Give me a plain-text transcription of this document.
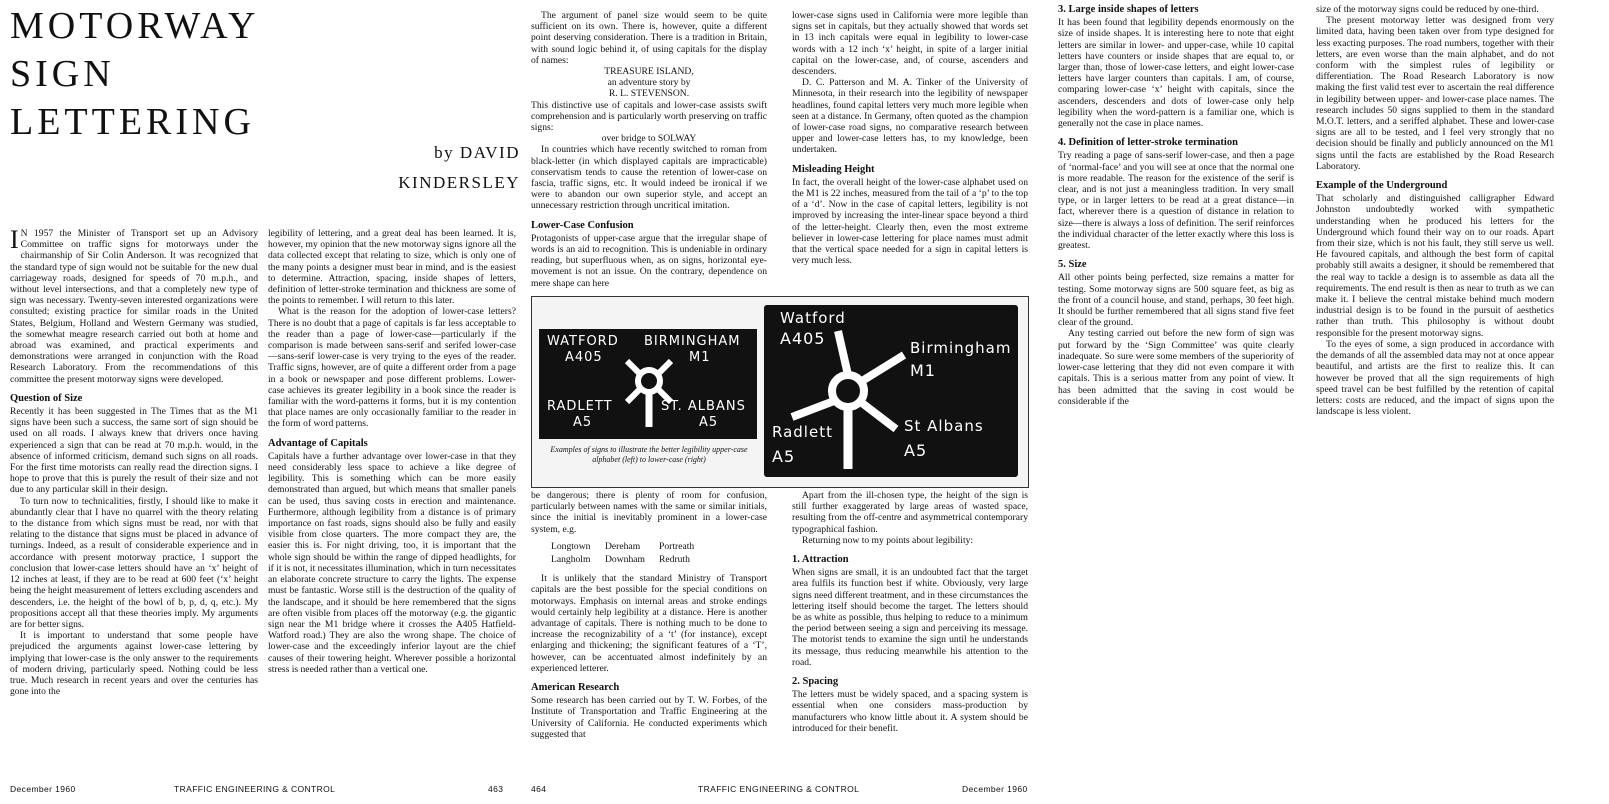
MOTORWAY
SIGN
LETTERING
by DAVID
KINDERSLEY

I N 1957 the Minister of Transport set up an Advisory Committee on traffic signs for motorways under the chairmanship of Sir Colin Anderson. It was recognized that the standard type of sign would not be suitable for the new dual carriageway roads, designed for speeds of 70 m.p.h., and without level intersections, and that a completely new type of sign was necessary. Twenty-seven interested organizations were consulted; existing practice for similar roads in the United States, Belgium, Holland and Western Germany was studied, the somewhat meagre research carried out both at home and abroad was examined, and practical experiments and demonstrations were arranged in conjunction with the Road Research Laboratory. From the recommendations of this committee the present motorway signs were developed.

Question of Size

Recently it has been suggested in The Times that as the M1 signs have been such a success, the same sort of sign should be used on all roads. I always knew that drivers once having experienced a sign that can be read at 70 m.p.h. would, in the absence of informed criticism, demand such signs on all roads. For the first time motorists can really read the direction signs. I hope to prove that this is purely the result of their size and not due to any particular skill in their design.

To turn now to technicalities, firstly, I should like to make it abundantly clear that I have no quarrel with the theory relating to the distance from which signs must be read, nor with that relating to the distance that signs must be placed in advance of turnings. Indeed, as a result of considerable experience and in accordance with present motorway practice, I support the conclusion that lower-case letters should have an ‘x’ height of 12 inches at least, if they are to be read at 600 feet (‘x’ height being the height measurement of letters excluding ascenders and descenders, i.e. the height of the bowl of b, p, d, q, etc.). My propositions accept all that these theories imply. My arguments are for better signs.

It is important to understand that some people have prejudiced the arguments against lower-case lettering by implying that lower-case is the only answer to the requirements of modern driving, particularly speed. Nothing could be less true. Much research in recent years and over the centuries has gone into the

legibility of lettering, and a great deal has been learned. It is, however, my opinion that the new motorway signs ignore all the data collected except that relating to size, which is only one of the many points a designer must bear in mind, and is the easiest to determine. Attraction, spacing, inside shapes of letters, definition of letter-stroke termination and thickness are some of the points to remember. I will return to this later.

What is the reason for the adoption of lower-case letters? There is no doubt that a page of capitals is far less acceptable to the reader than a page of lower-case—particularly if the comparison is made between sans-serif and serifed lower-case—sans-serif lower-case is very trying to the eyes of the reader. Traffic signs, however, are of quite a different order from a page in a book or newspaper and pose different problems. Lower-case achieves its greater legibility in a book since the reader is familiar with the word-patterns it forms, but it is my contention that place names are only occasionally familiar to the reader in the form of word patterns.

Advantage of Capitals

Capitals have a further advantage over lower-case in that they need considerably less space to achieve a like degree of legibility. This is something which can be more easily demonstrated than argued, but which means that smaller panels can be used, thus saving costs in erection and maintenance. Furthermore, although legibility from a distance is of primary importance on fast roads, signs should also be fully and easily visible from close quarters. The more compact they are, the easier this is. For night driving, too, it is important that the whole sign should be within the range of dipped headlights, for if it is not, it necessitates illumination, which in turn necessitates an elaborate concrete structure to carry the lights. The expense must be fantastic. Worse still is the destruction of the quality of the landscape, and it should be here remembered that the signs are often visible from places off the motorway (e.g. the gigantic sign near the M1 bridge where it crosses the A405 Hatfield-Watford road.) They are also the wrong shape. The choice of lower-case and the exceedingly inferior layout are the chief causes of their towering height. Wherever possible a horizontal stress is needed rather than a vertical one.

The argument of panel size would seem to be quite sufficient on its own. There is, however, quite a different point deserving consideration. There is a tradition in Britain, with sound logic behind it, of using capitals for the display of names:

TREASURE ISLAND,

an adventure story by

R. L. STEVENSON.

This distinctive use of capitals and lower-case assists swift comprehension and is particularly worth preserving on traffic signs:

over bridge to SOLWAY

In countries which have recently switched to roman from black-letter (in which displayed capitals are impracticable) conservatism tends to cause the retention of lower-case on fascia, traffic signs, etc. It would indeed be ironical if we were to abandon our own superior style, and accept an unnecessary restriction through uncritical imitation.

Lower-Case Confusion

Protagonists of upper-case argue that the irregular shape of words is an aid to recognition. This is undeniable in ordinary reading, but superfluous when, as on signs, horizontal eye-movement is not an issue. On the contrary, dependence on mere shape can here

lower-case signs used in California were more legible than signs set in capitals, but they actually showed that words set in 13 inch capitals were equal in legibility to lower-case words with a 12 inch ‘x’ height, in spite of a larger initial capital on the lower-case, and, of course, ascenders and descenders.

D. C. Patterson and M. A. Tinker of the University of Minnesota, in their research into the legibility of newspaper headlines, found capital letters very much more legible when seen at a distance. In Germany, often quoted as the champion of lower-case road signs, no comparative research between upper and lower-case letters has, to my knowledge, been undertaken.

Misleading Height

In fact, the overall height of the lower-case alphabet used on the M1 is 22 inches, measured from the tail of a ‘p’ to the top of a ‘d’. Now in the case of capital letters, legibility is not improved by increasing the inter-linear space beyond a third of the letter-height. Clearly then, even the most extreme believer in lower-case lettering for place names must admit that the vertical space needed for a sign in capital letters is very much less.

WATFORD
A405
BIRMINGHAM
M1
RADLETT
A5
ST. ALBANS
A5
Examples of signs to illustrate the better legibility upper-case alphabet (left) to lower-case (right)
Watford
A405	Birmingham
M1
Radlett
A5
St Albans
A5

be dangerous; there is plenty of room for confusion, particularly between names with the same or similar initials, since the initial is inevitably prominent in a lower-case system, e.g.

Longtown	Dereham	Portreath
Langholm	Downham	Redruth

It is unlikely that the standard Ministry of Transport capitals are the best possible for the special conditions on motorways. Emphasis on internal areas and stroke endings would certainly help legibility at a distance. Here is another advantage of capitals. There is nothing much to be done to increase the recognizability of a ‘t’ (for instance), except enlarging and thickening; the significant features of a ‘T’, however, can be accentuated almost indefinitely by an experienced letterer.

American Research

Some research has been carried out by T. W. Forbes, of the Institute of Transportation and Traffic Engineering at the University of California. He conducted experiments which suggested that

Apart from the ill-chosen type, the height of the sign is still further exaggerated by large areas of wasted space, resulting from the off-centre and asymmetrical contemporary typographical fashion.

Returning now to my points about legibility:

1. Attraction

When signs are small, it is an undoubted fact that the target area fulfils its function best if white. Obviously, very large signs need different treatment, and in these circumstances the lettering itself should become the target. The letters should be as white as possible, thus helping to reduce to a minimum the period between seeing a sign and perceiving its message. The motorist tends to examine the sign until he understands its message, thus reducing meanwhile his attention to the road.

2. Spacing

The letters must be widely spaced, and a spacing system is essential when one considers mass-production by manufacturers who know little about it. A system should be introduced for their benefit.

3. Large inside shapes of letters

It has been found that legibility depends enormously on the size of inside shapes. It is interesting here to note that eight letters are similar in lower- and upper-case, while 10 capital letters have counters or inside shapes that are equal to, or larger than, those of lower-case letters, and eight lower-case letters have larger counters than capitals. I am, of course, comparing lower-case ‘x’ height with capitals, since the ascenders, descenders and dots of lower-case only help legibility when the word-pattern is a familiar one, which is generally not the case in place names.

4. Definition of letter-stroke termination

Try reading a page of sans-serif lower-case, and then a page of ‘normal-face’ and you will see at once that the normal one is more readable. The reason for the existence of the serif is clear, and is not just a meaningless tradition. In very small type, or in larger letters to be read at a great distance—in fact, wherever there is a question of distance in relation to size—there is always a loss of definition. The serif reinforces the individual character of the letter exactly where this loss is greatest.

5. Size

All other points being perfected, size remains a matter for testing. Some motorway signs are 500 square feet, as big as the front of a council house, and stand, perhaps, 30 feet high. It should be further remembered that all signs stand five feet clear of the ground.

Any testing carried out before the new form of sign was put forward by the ‘Sign Committee’ was quite clearly inadequate. So sure were some members of the superiority of lower-case lettering that they did not even compare it with capitals. This is a serious matter from any point of view. It has been admitted that the saving in cost would be considerable if the

size of the motorway signs could be reduced by one-third.

The present motorway letter was designed from very limited data, having been taken over from type designed for less exacting purposes. The road numbers, together with their letters, are even worse than the main alphabet, and do not conform with the simplest rules of legibility or differentiation. The Road Research Laboratory is now making the first valid test ever to ascertain the real difference in legibility between upper- and lower-case place names. The research includes 50 signs supplied to them in the standard M.O.T. letters, and a seriffed alphabet. These and lower-case signs are all to be tested, and I feel very strongly that no decision should be finally and publicly announced on the M1 signs until the facts are established by the Road Research Laboratory.

Example of the Underground

That scholarly and distinguished calligrapher Edward Johnston undoubtedly worked with sympathetic understanding when he produced his letters for the Underground which found their way on to our roads. Apart from their size, which is not his fault, they still serve us well. He favoured capitals, and although the best form of capital probably still awaits a designer, it should be remembered that the real way to tackle a design is to assemble as data all the requirements. The end result is then as near to truth as we can make it. I believe the central mistake behind much modern industrial design is to be found in the pursuit of aesthetics rather than truth. This philosophy is without doubt responsible for the present motorway signs.

To the eyes of some, a sign produced in accordance with the demands of all the assembled data may not at once appear beautiful, and artists are the first to realize this. It can however be proved that all the sign requirements of high speed travel can be best fulfilled by the retention of capital letters: costs are reduced, and the impact of signs upon the landscape is less violent.

December 1960	TRAFFIC ENGINEERING & CONTROL	463	464	TRAFFIC ENGINEERING & CONTROL	December 1960
